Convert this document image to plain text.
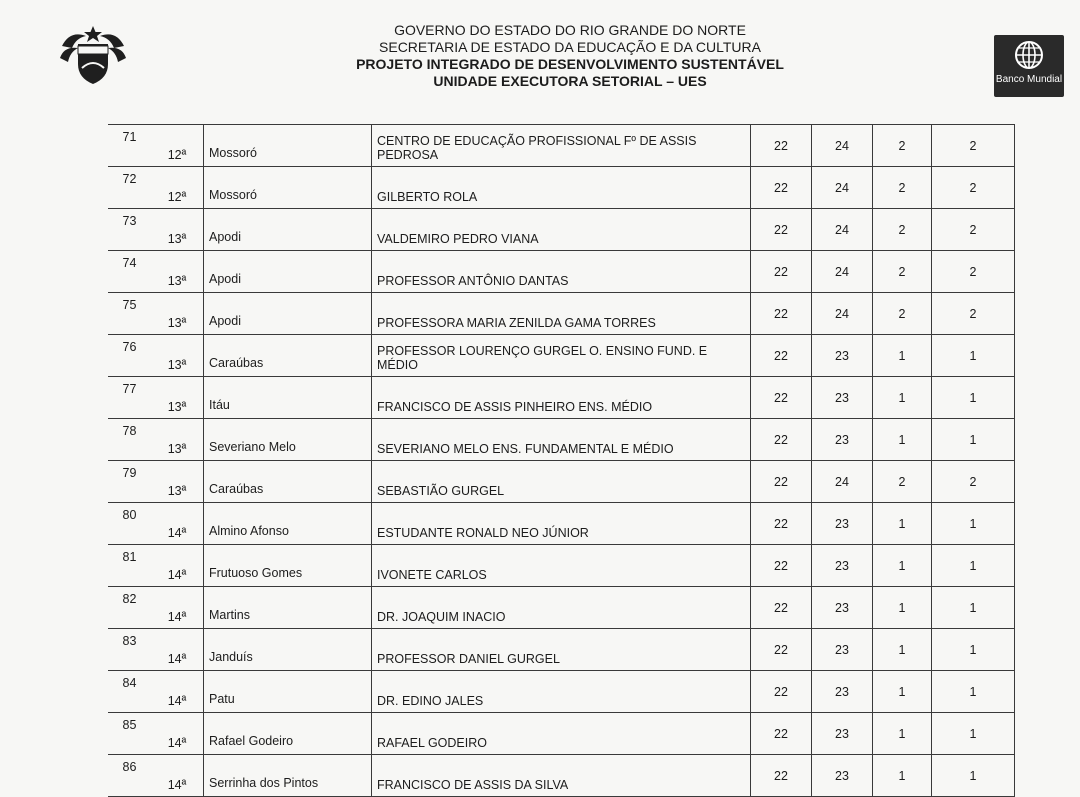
GOVERNO DO ESTADO DO RIO GRANDE DO NORTE
SECRETARIA DE ESTADO DA EDUCAÇÃO E DA CULTURA
PROJETO INTEGRADO DE DESENVOLVIMENTO SUSTENTÁVEL
UNIDADE EXECUTORA SETORIAL – UES	Banco Mundial
71	12ª	Mossoró	CENTRO DE EDUCAÇÃO PROFISSIONAL Fº DE ASSIS PEDROSA	22	24	2	2
72	12ª	Mossoró	GILBERTO ROLA	22	24	2	2
73	13ª	Apodi	VALDEMIRO PEDRO VIANA	22	24	2	2
74	13ª	Apodi	PROFESSOR ANTÔNIO DANTAS	22	24	2	2
75	13ª	Apodi	PROFESSORA MARIA ZENILDA GAMA TORRES	22	24	2	2
76	13ª	Caraúbas	PROFESSOR LOURENÇO GURGEL O. ENSINO FUND. E MÉDIO	22	23	1	1
77	13ª	Itáu	FRANCISCO DE ASSIS PINHEIRO ENS. MÉDIO	22	23	1	1
78	13ª	Severiano Melo	SEVERIANO MELO ENS. FUNDAMENTAL E MÉDIO	22	23	1	1
79	13ª	Caraúbas	SEBASTIÃO GURGEL	22	24	2	2
80	14ª	Almino Afonso	ESTUDANTE RONALD NEO JÚNIOR	22	23	1	1
81	14ª	Frutuoso Gomes	IVONETE CARLOS	22	23	1	1
82	14ª	Martins	DR. JOAQUIM INACIO	22	23	1	1
83	14ª	Janduís	PROFESSOR DANIEL GURGEL	22	23	1	1
84	14ª	Patu	DR. EDINO JALES	22	23	1	1
85	14ª	Rafael Godeiro	RAFAEL GODEIRO	22	23	1	1
86	14ª	Serrinha dos Pintos	FRANCISCO DE ASSIS DA SILVA	22	23	1	1
